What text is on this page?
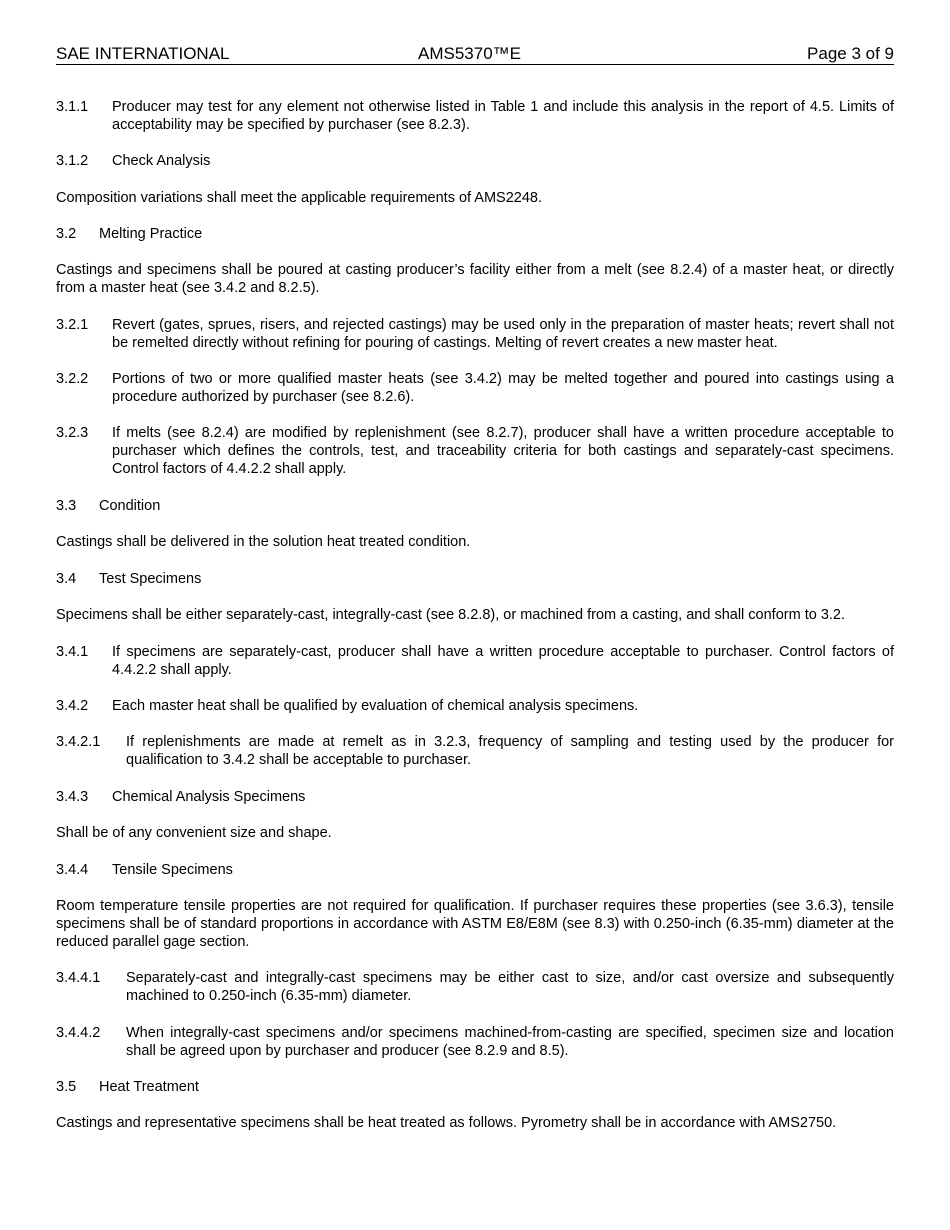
SAE INTERNATIONAL	AMS5370™E	Page 3 of 9
3.1.1 Producer may test for any element not otherwise listed in Table 1 and include this analysis in the report of 4.5. Limits of acceptability may be specified by purchaser (see 8.2.3).
3.1.2 Check Analysis
Composition variations shall meet the applicable requirements of AMS2248.
3.2 Melting Practice
Castings and specimens shall be poured at casting producer’s facility either from a melt (see 8.2.4) of a master heat, or directly from a master heat (see 3.4.2 and 8.2.5).
3.2.1 Revert (gates, sprues, risers, and rejected castings) may be used only in the preparation of master heats; revert shall not be remelted directly without refining for pouring of castings. Melting of revert creates a new master heat.
3.2.2 Portions of two or more qualified master heats (see 3.4.2) may be melted together and poured into castings using a procedure authorized by purchaser (see 8.2.6).
3.2.3 If melts (see 8.2.4) are modified by replenishment (see 8.2.7), producer shall have a written procedure acceptable to purchaser which defines the controls, test, and traceability criteria for both castings and separately-cast specimens. Control factors of 4.4.2.2 shall apply.
3.3 Condition
Castings shall be delivered in the solution heat treated condition.
3.4 Test Specimens
Specimens shall be either separately-cast, integrally-cast (see 8.2.8), or machined from a casting, and shall conform to 3.2.
3.4.1 If specimens are separately-cast, producer shall have a written procedure acceptable to purchaser. Control factors of 4.4.2.2 shall apply.
3.4.2 Each master heat shall be qualified by evaluation of chemical analysis specimens.
3.4.2.1 If replenishments are made at remelt as in 3.2.3, frequency of sampling and testing used by the producer for qualification to 3.4.2 shall be acceptable to purchaser.
3.4.3 Chemical Analysis Specimens
Shall be of any convenient size and shape.
3.4.4 Tensile Specimens
Room temperature tensile properties are not required for qualification. If purchaser requires these properties (see 3.6.3), tensile specimens shall be of standard proportions in accordance with ASTM E8/E8M (see 8.3) with 0.250-inch (6.35-mm) diameter at the reduced parallel gage section.
3.4.4.1 Separately-cast and integrally-cast specimens may be either cast to size, and/or cast oversize and subsequently machined to 0.250-inch (6.35-mm) diameter.
3.4.4.2 When integrally-cast specimens and/or specimens machined-from-casting are specified, specimen size and location shall be agreed upon by purchaser and producer (see 8.2.9 and 8.5).
3.5 Heat Treatment
Castings and representative specimens shall be heat treated as follows. Pyrometry shall be in accordance with AMS2750.
